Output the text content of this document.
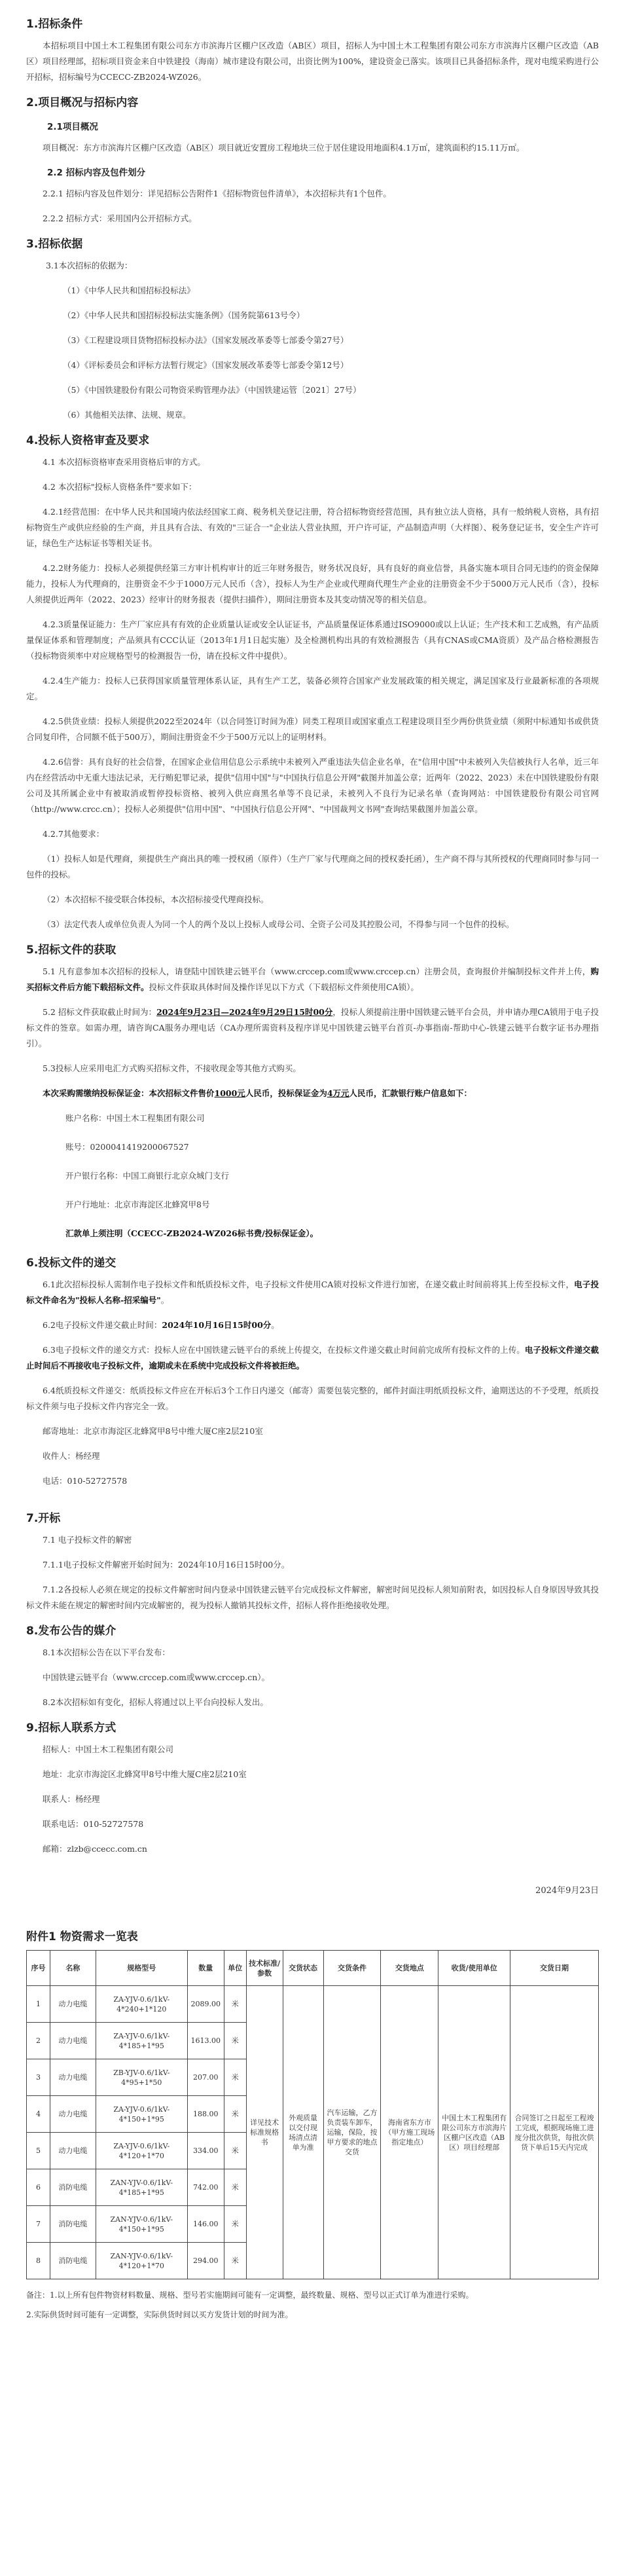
1.招标条件

本招标项目中国土木工程集团有限公司东方市滨海片区棚户区改造（AB区）项目，招标人为中国土木工程集团有限公司东方市滨海片区棚户区改造（AB区）项目经理部，招标项目资金来自中铁建投（海南）城市建设有限公司，出资比例为100%，建设资金已落实。该项目已具备招标条件，现对电缆采购进行公开招标，招标编号为CCECC-ZB2024-WZ026。

2.项目概况与招标内容
2.1项目概况

项目概况：东方市滨海片区棚户区改造（AB区）项目就近安置房工程地块三位于居住建设用地面积4.1万㎡，建筑面积约15.11万㎡。

2.2 招标内容及包件划分

2.2.1 招标内容及包件划分：详见招标公告附件1《招标物资包件清单》，本次招标共有1个包件。

2.2.2 招标方式：采用国内公开招标方式。

3.招标依据

3.1本次招标的依据为：

（1）《中华人民共和国招标投标法》

（2）《中华人民共和国招标投标法实施条例》（国务院第613号令）

（3）《工程建设项目货物招标投标办法》（国家发展改革委等七部委令第27号）

（4）《评标委员会和评标方法暂行规定》（国家发展改革委等七部委令第12号）

（5）《中国铁建股份有限公司物资采购管理办法》（中国铁建运管〔2021〕27号）

（6）其他相关法律、法规、规章。

4.投标人资格审查及要求

4.1 本次招标资格审查采用资格后审的方式。

4.2 本次招标"投标人资格条件"要求如下：

4.2.1经营范围：在中华人民共和国境内依法经国家工商、税务机关登记注册，符合招标物资经营范围，具有独立法人资格，具有一般纳税人资格，具有招标物资生产或供应经验的生产商，并且具有合法、有效的"三证合一"企业法人营业执照，开户许可证，产品制造声明（大样图）、税务登记证书，安全生产许可证，绿色生产达标证书等相关证书。

4.2.2财务能力：投标人必须提供经第三方审计机构审计的近三年财务报告，财务状况良好，具有良好的商业信誉，具备实施本项目合同无违约的资金保障能力，投标人为代理商的，注册资金不少于1000万元人民币（含），投标人为生产企业或代理商代理生产企业的注册资金不少于5000万元人民币（含），投标人须提供近两年（2022、2023）经审计的财务报表（提供扫描件），期间注册资本及其变动情况等的相关信息。

4.2.3质量保证能力：生产厂家应具有有效的企业质量认证或安全认证证书，产品质量保证体系通过ISO9000或以上认证；生产技术和工艺成熟，有产品质量保证体系和管理制度；产品须具有CCC认证（2013年1月1日起实施）及全检测机构出具的有效检测报告（具有CNAS或CMA资质）及产品合格检测报告（投标物资须率中对应规格型号的检测报告一份，请在投标文件中提供）。

4.2.4生产能力：投标人已获得国家质量管理体系认证，具有生产工艺，装备必须符合国家产业发展政策的相关规定，满足国家及行业最新标准的各项规定。

4.2.5供货业绩：投标人须提供2022至2024年（以合同签订时间为准）同类工程项目或国家重点工程建设项目至少两份供货业绩（须附中标通知书或供货合同复印件，合同额不低于500万），期间注册资金不少于500万元以上的证明材料。

4.2.6信誉：具有良好的社会信誉，在国家企业信用信息公示系统中未被列入严重违法失信企业名单，在"信用中国"中未被列入失信被执行人名单，近三年内在经营活动中无重大违法记录，无行贿犯罪记录，提供"信用中国"与"中国执行信息公开网"截图并加盖公章；近两年（2022、2023）未在中国铁建股份有限公司及其所属企业中有被取消或暂停投标资格、被列入供应商黑名单等不良记录，未被列入不良行为记录名单（查询网站：中国铁建股份有限公司官网（http://www.crcc.cn）；投标人必须提供"信用中国"、"中国执行信息公开网"、"中国裁判文书网"查询结果截图并加盖公章。

4.2.7其他要求：

（1）投标人如是代理商，须提供生产商出具的唯一授权函（原件）（生产厂家与代理商之间的授权委托函），生产商不得与其所授权的代理商同时参与同一包件的投标。

（2）本次招标不接受联合体投标，本次招标接受代理商投标。

（3）法定代表人或单位负责人为同一个人的两个及以上投标人或母公司、全资子公司及其控股公司，不得参与同一个包件的投标。

5.招标文件的获取

5.1 凡有意参加本次招标的投标人，请登陆中国铁建云链平台（www.crccep.com或www.crccep.cn）注册会员，查询报价并编制投标文件并上传，购买招标文件后方能下载招标文件。投标文件获取具体时间及操作详见以下方式（下载招标文件须使用CA锁）。

5.2 招标文件获取截止时间为：2024年9月23日—2024年9月29日15时00分，投标人须提前注册中国铁建云链平台会员，并申请办理CA锁用于电子投标文件的签章。如需办理，请咨询CA服务办理电话（CA办理所需资料及程序详见中国铁建云链平台首页-办事指南-帮助中心-铁建云链平台数字证书办理指引）。

5.3投标人应采用电汇方式购买招标文件，不接收现金等其他方式购买。

本次采购需缴纳投标保证金：本次招标文件售价1000元人民币，投标保证金为4万元人民币，汇款银行账户信息如下：

账户名称：中国土木工程集团有限公司

账号：0200041419200067527

开户银行名称：中国工商银行北京众城门支行

开户行地址：北京市海淀区北蜂窝甲8号

汇款单上须注明（CCECC-ZB2024-WZ026标书费/投标保证金）。

6.投标文件的递交

6.1此次招标投标人需制作电子投标文件和纸质投标文件，电子投标文件使用CA锁对投标文件进行加密，在递交截止时间前将其上传至投标文件，电子投标文件命名为"投标人名称-招采编号"。

6.2电子投标文件递交截止时间：2024年10月16日15时00分。

6.3电子投标文件的递交方式：投标人应在中国铁建云链平台的系统上传提交，在投标文件递交截止时间前完成所有投标文件的上传。电子投标文件递交截止时间后不再接收电子投标文件，逾期或未在系统中完成投标文件将被拒绝。

6.4纸质投标文件递交：纸质投标文件应在开标后3个工作日内递交（邮寄）需要包装完整的，邮件封面注明纸质投标文件，逾期送达的不予受理，纸质投标文件须与电子投标文件内容完全一致。

邮寄地址：北京市海淀区北蜂窝甲8号中维大厦C座2层210室

收件人：杨经理

电话：010-52727578

7.开标

7.1 电子投标文件的解密

7.1.1电子投标文件解密开始时间为：2024年10月16日15时00分。

7.1.2各投标人必须在规定的投标文件解密时间内登录中国铁建云链平台完成投标文件解密，解密时间见投标人须知前附表，如因投标人自身原因导致其投标文件未能在规定的解密时间内完成解密的，视为投标人撤销其投标文件，招标人将作拒绝接收处理。

8.发布公告的媒介

8.1本次招标公告在以下平台发布：

中国铁建云链平台（www.crccep.com或www.crccep.cn）。

8.2本次招标如有变化，招标人将通过以上平台向投标人发出。

9.招标人联系方式

招标人：中国土木工程集团有限公司

地址：北京市海淀区北蜂窝甲8号中维大厦C座2层210室

联系人：杨经理

联系电话：010-52727578

邮箱：zlzb@ccecc.com.cn

2024年9月23日
附件1 物资需求一览表
序号	名称	规格型号	数量	单位	技术标准/参数	交货状态	交货条件	交货地点	收货/使用单位	交货日期
1	动力电缆	ZA-YJV-0.6/1kV-4*240+1*120	2089.00	米	详见技术标准规格书	外观质量以交付现场清点清单为准	汽车运输，乙方负责装车卸车，运输，保险，按甲方要求的地点交货	海南省东方市（甲方施工现场指定地点）	中国土木工程集团有限公司东方市滨海片区棚户区改造（AB区）项目经理部	合同签订之日起至工程竣工完成，根据现场施工进度分批次供货，每批次供货下单后15天内完成
2	动力电缆	ZA-YJV-0.6/1kV-4*185+1*95	1613.00	米						
3	动力电缆	ZB-YJV-0.6/1kV-4*95+1*50	207.00	米						
4	动力电缆	ZA-YJV-0.6/1kV-4*150+1*95	188.00	米						
5	动力电缆	ZA-YJV-0.6/1kV-4*120+1*70	334.00	米						
6	消防电缆	ZAN-YJV-0.6/1kV-4*185+1*95	742.00	米						
7	消防电缆	ZAN-YJV-0.6/1kV-4*150+1*95	146.00	米						
8	消防电缆	ZAN-YJV-0.6/1kV-4*120+1*70	294.00	米						

备注：1.以上所有包件物资材料数量、规格、型号若实施期间可能有一定调整，最终数量、规格、型号以正式订单为准进行采购。

2.实际供货时间可能有一定调整，实际供货时间以买方发货计划的时间为准。
